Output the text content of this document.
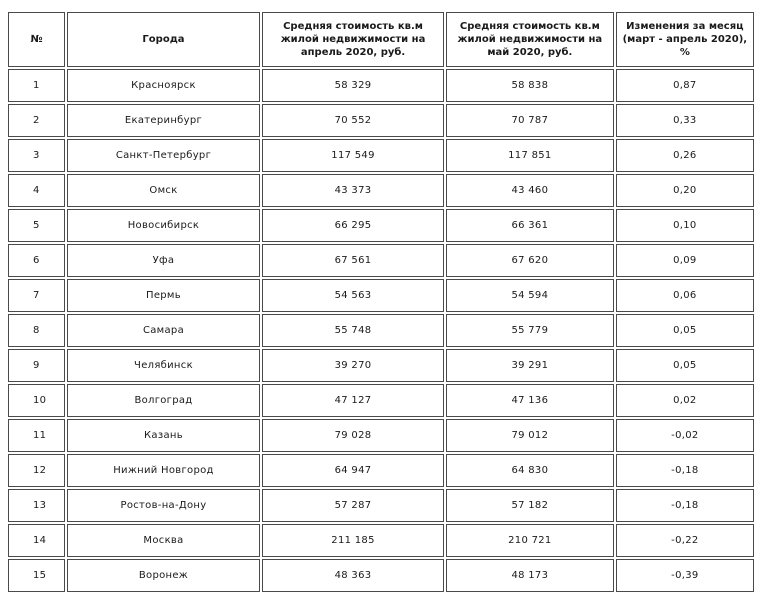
№	Города	Средняя стоимость кв.м жилой недвижимости на апрель 2020, руб.	Средняя стоимость кв.м жилой недвижимости на май 2020, руб.	Изменения за месяц (март - апрель 2020), %
1	Красноярск	58 329	58 838	0,87
2	Екатеринбург	70 552	70 787	0,33
3	Санкт-Петербург	117 549	117 851	0,26
4	Омск	43 373	43 460	0,20
5	Новосибирск	66 295	66 361	0,10
6	Уфа	67 561	67 620	0,09
7	Пермь	54 563	54 594	0,06
8	Самара	55 748	55 779	0,05
9	Челябинск	39 270	39 291	0,05
10	Волгоград	47 127	47 136	0,02
11	Казань	79 028	79 012	-0,02
12	Нижний Новгород	64 947	64 830	-0,18
13	Ростов-на-Дону	57 287	57 182	-0,18
14	Москва	211 185	210 721	-0,22
15	Воронеж	48 363	48 173	-0,39
